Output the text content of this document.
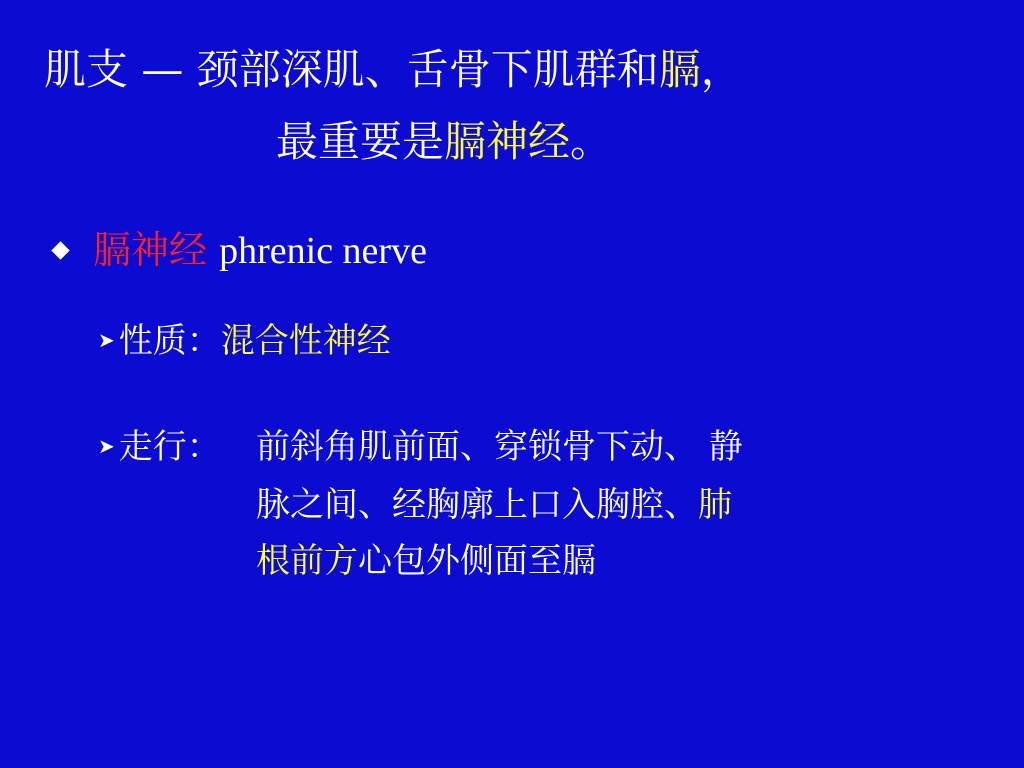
肌支 — 颈部深肌、舌骨下肌群和膈，
最重要是膈神经。
膈神经 phrenic nerve
➤ 性质：混合性神经
➤ 走行： 前斜角肌前面、穿锁骨下动、 静
脉之间、经胸廓上口入胸腔、肺
根前方心包外侧面至膈
